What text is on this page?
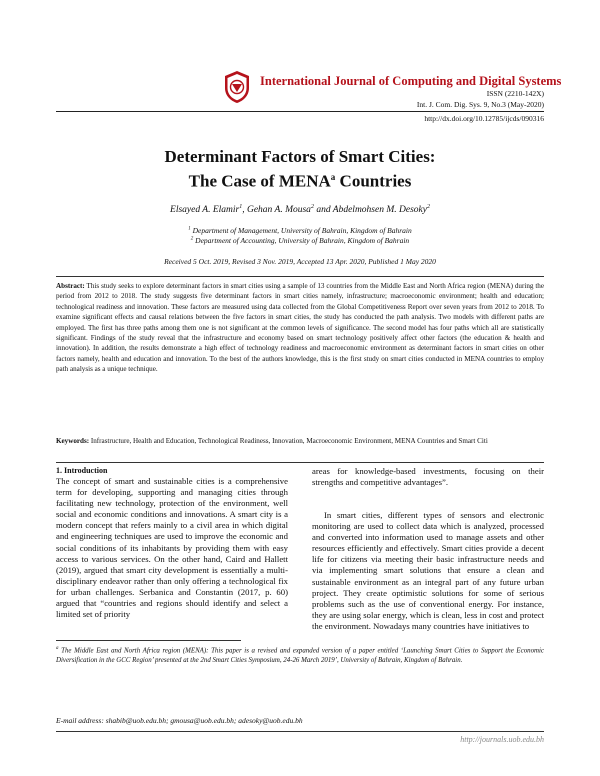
International Journal of Computing and Digital Systems
ISSN (2210-142X)
Int. J. Com. Dig. Sys. 9, No.3 (May-2020)
http://dx.doi.org/10.12785/ijcds/090316
Determinant Factors of Smart Cities:
The Case of MENA$^a$ Countries
Elsayed A. Elamir$^1$, Gehan A. Mousa$^2$ and Abdelmohsen M. Desoky$^2$
$^1$ Department of Management, University of Bahrain, Kingdom of Bahrain
$^2$ Department of Accounting, University of Bahrain, Kingdom of Bahrain
Received 5 Oct. 2019, Revised 3 Nov. 2019, Accepted 13 Apr. 2020, Published 1 May 2020
Abstract: This study seeks to explore determinant factors in smart cities using a sample of 13 countries from the Middle East and North Africa region (MENA) during the period from 2012 to 2018. The study suggests five determinant factors in smart cities namely, infrastructure; macroeconomic environment; health and education; technological readiness and innovation. These factors are measured using data collected from the Global Competitiveness Report over seven years from 2012 to 2018. To examine significant effects and causal relations between the five factors in smart cities, the study has conducted the path analysis. Two models with different paths are employed. The first has three paths among them one is not significant at the common levels of significance. The second model has four paths which all are statistically significant. Findings of the study reveal that the infrastructure and economy based on smart technology positively affect other factors (the education & health and innovation). In addition, the results demonstrate a high effect of technology readiness and macroeconomic environment as determinant factors in smart cities on other factors namely, health and education and innovation. To the best of the authors knowledge, this is the first study on smart cities conducted in MENA countries to employ path analysis as a unique technique.
Keywords: Infrastructure, Health and Education, Technological Readiness, Innovation, Macroeconomic Environment, MENA Countries and Smart Citi
1. Introduction
The concept of smart and sustainable cities is a comprehensive term for developing, supporting and managing cities through facilitating new technology, protection of the environment, well social and economic conditions and innovations. A smart city is a modern concept that refers mainly to a civil area in which digital and engineering techniques are used to improve the economic and social conditions of its inhabitants by providing them with easy access to various services. On the other hand, Caird and Hallett (2019), argued that smart city development is essentially a multi-disciplinary endeavor rather than only offering a technological fix for urban challenges. Serbanica and Constantin (2017, p. 60) argued that “countries and regions should identify and select a limited set of priority
areas for knowledge-based investments, focusing on their strengths and competitive advantages”.
In smart cities, different types of sensors and electronic monitoring are used to collect data which is analyzed, processed and converted into information used to manage assets and other resources efficiently and effectively. Smart cities provide a decent life for citizens via meeting their basic infrastructure needs and via implementing smart solutions that ensure a clean and sustainable environment as an integral part of any future urban project. They create optimistic solutions for some of serious problems such as the use of conventional energy. For instance, they are using solar energy, which is clean, less in cost and protect the environment. Nowadays many countries have initiatives to
$^a$ The Middle East and North Africa region (MENA): This paper is a revised and expanded version of a paper entitled ‘Launching Smart Cities to Support the Economic Diversification in the GCC Region’ presented at the 2nd Smart Cities Symposium, 24-26 March 2019’, University of Bahrain, Kingdom of Bahrain.
E-mail address: shabib@uob.edu.bh; gmousa@uob.edu.bh; adesoky@uob.edu.bh
http://journals.uob.edu.bh
